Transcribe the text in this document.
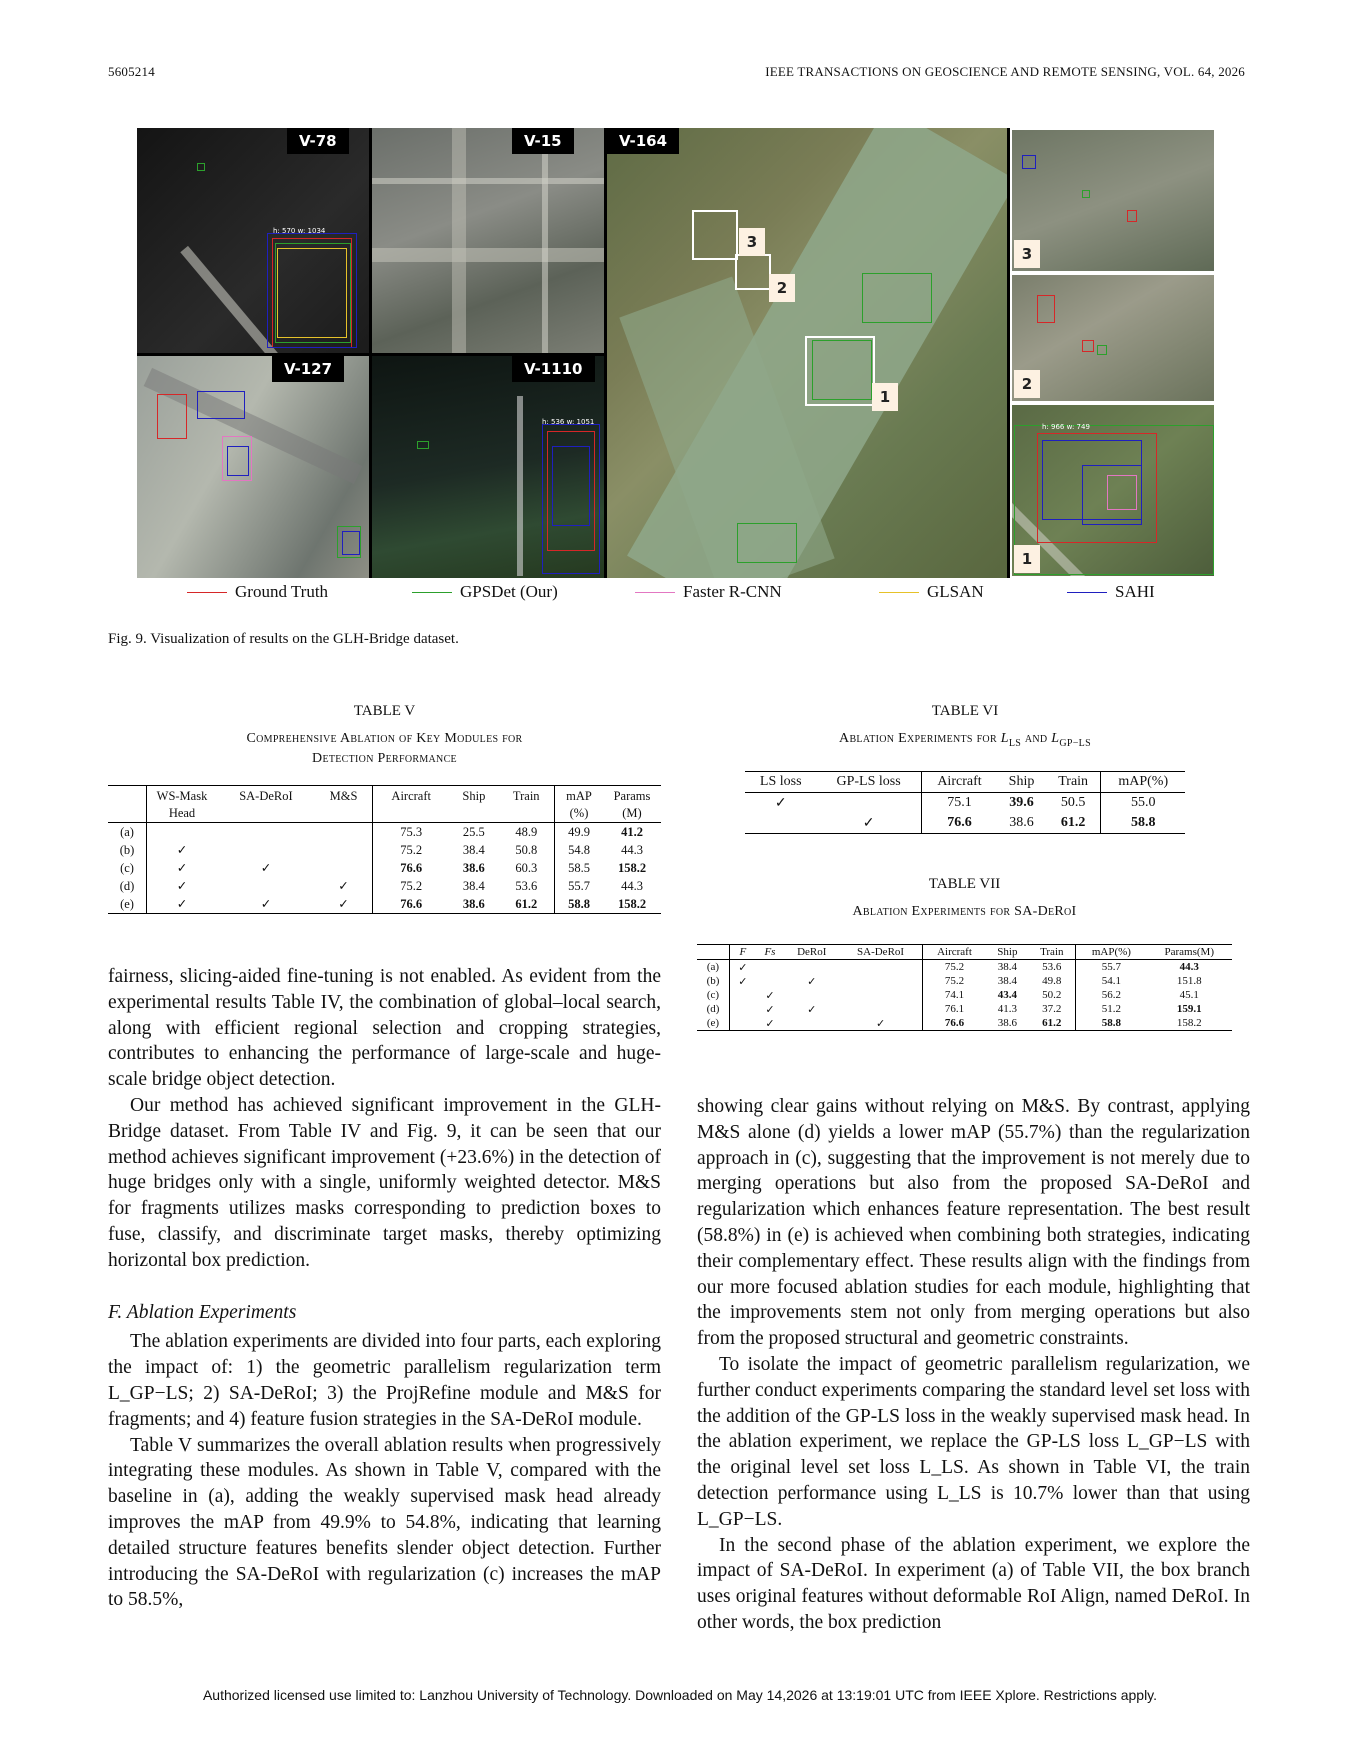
5605214	IEEE TRANSACTIONS ON GEOSCIENCE AND REMOTE SENSING, VOL. 64, 2026
h: 570 w: 1034
V-78	V-15
V-127
h: 536 w: 1051
V-1110
3
2
1
V-164
3
2
h: 966 w: 749
1
Ground Truth	GPSDet (Our)	Faster R-CNN	GLSAN	SAHI
Fig. 9. Visualization of results on the GLH-Bridge dataset.
TABLE V
Comprehensive Ablation of Key Modules for
Detection Performance
	WS-Mask Head	SA-DeRoI	M&S	Aircraft	Ship	Train	mAP (%)	Params (M)
(a)				75.3	25.5	48.9	49.9	41.2
(b)	✓			75.2	38.4	50.8	54.8	44.3
(c)	✓	✓		76.6	38.6	60.3	58.5	158.2
(d)	✓		✓	75.2	38.4	53.6	55.7	44.3
(e)	✓	✓	✓	76.6	38.6	61.2	58.8	158.2
TABLE VI
Ablation Experiments for $L_{LS}$ and $L_{GP-LS}$
LS loss	GP-LS loss	Aircraft	Ship	Train	mAP(%)
✓		75.1	39.6	50.5	55.0
	✓	76.6	38.6	61.2	58.8
TABLE VII
Ablation Experiments for SA-DeRoI
	F	Fs	DeRoI	SA-DeRoI	Aircraft	Ship	Train	mAP(%)	Params(M)
(a)	✓				75.2	38.4	53.6	55.7	44.3
(b)	✓		✓		75.2	38.4	49.8	54.1	151.8
(c)		✓			74.1	43.4	50.2	56.2	45.1
(d)		✓	✓		76.1	41.3	37.2	51.2	159.1
(e)		✓		✓	76.6	38.6	61.2	58.8	158.2

fairness, slicing-aided fine-tuning is not enabled. As evident from the experimental results Table IV, the combination of global–local search, along with efficient regional selection and cropping strategies, contributes to enhancing the performance of large-scale and huge-scale bridge object detection.

Our method has achieved significant improvement in the GLH-Bridge dataset. From Table IV and Fig. 9, it can be seen that our method achieves significant improvement (+23.6%) in the detection of huge bridges only with a single, uniformly weighted detector. M&S for fragments utilizes masks corresponding to prediction boxes to fuse, classify, and discriminate target masks, thereby optimizing horizontal box prediction.

F. Ablation Experiments

The ablation experiments are divided into four parts, each exploring the impact of: 1) the geometric parallelism regularization term L_GP−LS; 2) SA-DeRoI; 3) the ProjRefine module and M&S for fragments; and 4) feature fusion strategies in the SA-DeRoI module.

Table V summarizes the overall ablation results when progressively integrating these modules. As shown in Table V, compared with the baseline in (a), adding the weakly supervised mask head already improves the mAP from 49.9% to 54.8%, indicating that learning detailed structure features benefits slender object detection. Further introducing the SA-DeRoI with regularization (c) increases the mAP to 58.5%,

showing clear gains without relying on M&S. By contrast, applying M&S alone (d) yields a lower mAP (55.7%) than the regularization approach in (c), suggesting that the improvement is not merely due to merging operations but also from the proposed SA-DeRoI and regularization which enhances feature representation. The best result (58.8%) in (e) is achieved when combining both strategies, indicating their complementary effect. These results align with the findings from our more focused ablation studies for each module, highlighting that the improvements stem not only from merging operations but also from the proposed structural and geometric constraints.

To isolate the impact of geometric parallelism regularization, we further conduct experiments comparing the standard level set loss with the addition of the GP-LS loss in the weakly supervised mask head. In the ablation experiment, we replace the GP-LS loss L_GP−LS with the original level set loss L_LS. As shown in Table VI, the train detection performance using L_LS is 10.7% lower than that using L_GP−LS.

In the second phase of the ablation experiment, we explore the impact of SA-DeRoI. In experiment (a) of Table VII, the box branch uses original features without deformable RoI Align, named DeRoI. In other words, the box prediction

Authorized licensed use limited to: Lanzhou University of Technology. Downloaded on May 14,2026 at 13:19:01 UTC from IEEE Xplore. Restrictions apply.
